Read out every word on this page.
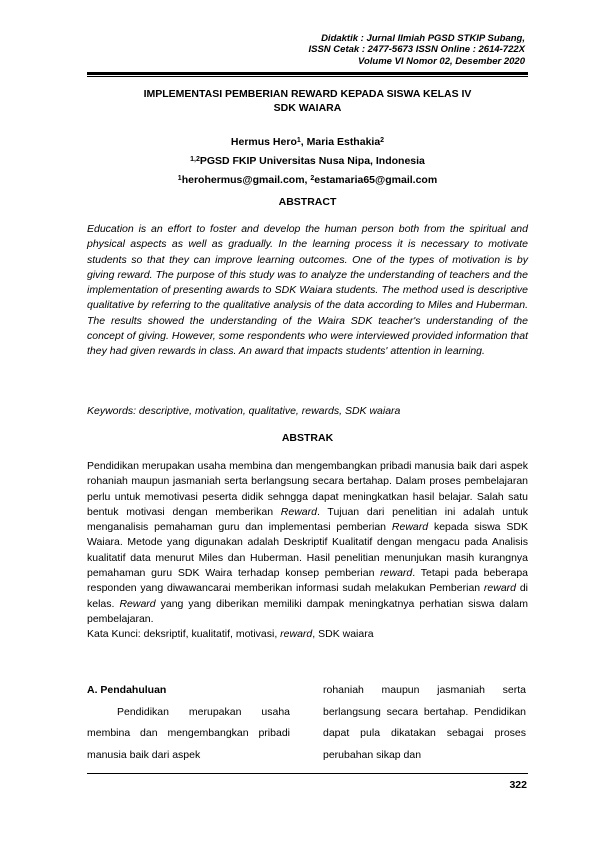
Didaktik : Jurnal Ilmiah PGSD STKIP Subang,
ISSN Cetak : 2477-5673 ISSN Online : 2614-722X
Volume VI Nomor 02, Desember 2020
IMPLEMENTASI PEMBERIAN REWARD KEPADA SISWA KELAS IV
SDK WAIARA
Hermus Hero$^1$, Maria Esthakia$^2$
$^{1,2}$PGSD FKIP Universitas Nusa Nipa, Indonesia
$^1$herohermus@gmail.com, $^2$estamaria65@gmail.com
ABSTRACT

Education is an effort to foster and develop the human person both from the spiritual and physical aspects as well as gradually. In the learning process it is necessary to motivate students so that they can improve learning outcomes. One of the types of motivation is by giving reward. The purpose of this study was to analyze the understanding of teachers and the implementation of presenting awards to SDK Waiara students. The method used is descriptive qualitative by referring to the qualitative analysis of the data according to Miles and Huberman. The results showed the understanding of the Waira SDK teacher's understanding of the concept of giving. However, some respondents who were interviewed provided information that they had given rewards in class. An award that impacts students' attention in learning.

Keywords: descriptive, motivation, qualitative, rewards, SDK waiara

ABSTRAK

Pendidikan merupakan usaha membina dan mengembangkan pribadi manusia baik dari aspek rohaniah maupun jasmaniah serta berlangsung secara bertahap. Dalam proses pembelajaran perlu untuk memotivasi peserta didik sehngga dapat meningkatkan hasil belajar. Salah satu bentuk motivasi dengan memberikan Reward. Tujuan dari penelitian ini adalah untuk menganalisis pemahaman guru dan implementasi pemberian Reward kepada siswa SDK Waiara. Metode yang digunakan adalah Deskriptif Kualitatif dengan mengacu pada Analisis kualitatif data menurut Miles dan Huberman. Hasil penelitian menunjukan masih kurangnya pemahaman guru SDK Waira terhadap konsep pemberian reward. Tetapi pada beberapa responden yang diwawancarai memberikan informasi sudah melakukan Pemberian reward di kelas. Reward yang yang diberikan memiliki dampak meningkatnya perhatian siswa dalam pembelajaran.
Kata Kunci: deksriptif, kualitatif, motivasi, reward, SDK waiara

A. Pendahuluan

Pendidikan merupakan usaha membina dan mengembangkan pribadi manusia baik dari aspek

rohaniah maupun jasmaniah serta berlangsung secara bertahap. Pendidikan dapat pula dikatakan sebagai proses perubahan sikap dan

322
